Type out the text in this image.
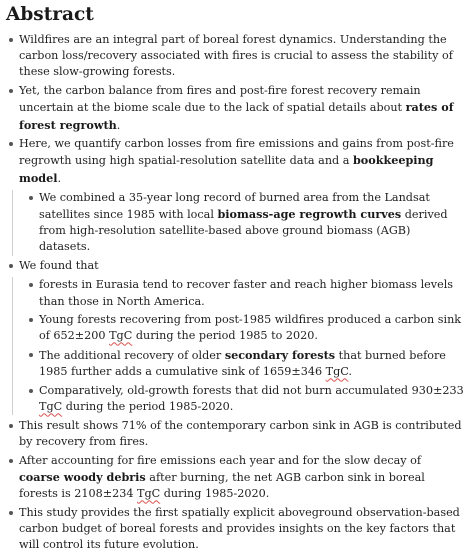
Abstract
Wildfires are an integral part of boreal forest dynamics. Understanding the carbon loss/recovery associated with fires is crucial to assess the stability of these slow-growing forests.
Yet, the carbon balance from fires and post-fire forest recovery remain uncertain at the biome scale due to the lack of spatial details about rates of forest regrowth.
Here, we quantify carbon losses from fire emissions and gains from post-fire regrowth using high spatial-resolution satellite data and a bookkeeping model.
We combined a 35-year long record of burned area from the Landsat satellites since 1985 with local biomass-age regrowth curves derived from high-resolution satellite-based above ground biomass (AGB) datasets.
We found that
forests in Eurasia tend to recover faster and reach higher biomass levels than those in North America.
Young forests recovering from post-1985 wildfires produced a carbon sink of 652±200 TgC during the period 1985 to 2020.
The additional recovery of older secondary forests that burned before 1985 further adds a cumulative sink of 1659±346 TgC.
Comparatively, old-growth forests that did not burn accumulated 930±233 TgC during the period 1985-2020.
This result shows 71% of the contemporary carbon sink in AGB is contributed by recovery from fires.
After accounting for fire emissions each year and for the slow decay of coarse woody debris after burning, the net AGB carbon sink in boreal forests is 2108±234 TgC during 1985-2020.
This study provides the first spatially explicit aboveground observation-based carbon budget of boreal forests and provides insights on the key factors that will control its future evolution.
